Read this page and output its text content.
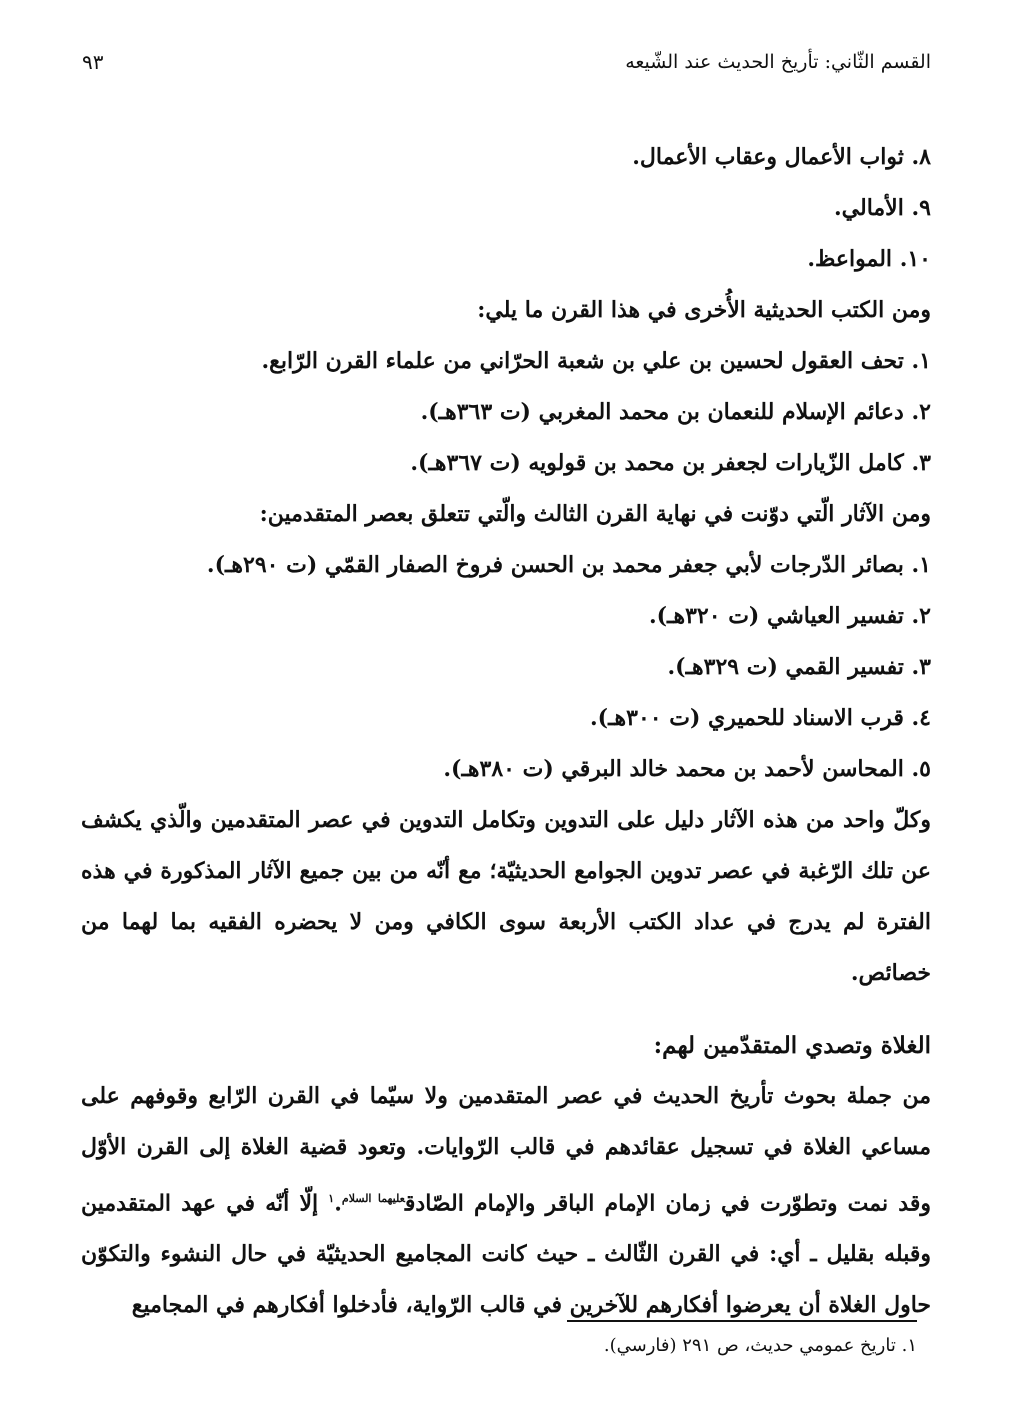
القسم الثّاني: تأريخ الحديث عند الشّيعه
٩٣
٨. ثواب الأعمال وعقاب الأعمال.
٩. الأمالي.
١٠. المواعظ.
ومن الكتب الحديثية الأُخرى في هذا القرن ما يلي:
١. تحف العقول لحسين بن علي بن شعبة الحرّاني من علماء القرن الرّابع.
٢. دعائم الإسلام للنعمان بن محمد المغربي (ت ٣٦٣هـ).
٣. كامل الزّيارات لجعفر بن محمد بن قولويه (ت ٣٦٧هـ).
ومن الآثار الّتي دوّنت في نهاية القرن الثالث والّتي تتعلق بعصر المتقدمين:
١. بصائر الدّرجات لأبي جعفر محمد بن الحسن فروخ الصفار القمّي (ت ٢٩٠هـ).
٢. تفسير العياشي (ت ٣٢٠هـ).
٣. تفسير القمي (ت ٣٢٩هـ).
٤. قرب الاسناد للحميري (ت ٣٠٠هـ).
٥. المحاسن لأحمد بن محمد خالد البرقي (ت ٣٨٠هـ).

وكلّ واحد من هذه الآثار دليل على التدوين وتكامل التدوين في عصر المتقدمين والّذي يكشف عن تلك الرّغبة في عصر تدوين الجوامع الحديثيّة؛ مع أنّه من بين جميع الآثار المذكورة في هذه الفترة لم يدرج في عداد الكتب الأربعة سوى الكافي ومن لا يحضره الفقيه بما لهما من خصائص.

الغلاة وتصدي المتقدّمين لهم:

من جملة بحوث تأريخ الحديث في عصر المتقدمين ولا سيّما في القرن الرّابع وقوفهم على مساعي الغلاة في تسجيل عقائدهم في قالب الرّوايات. وتعود قضية الغلاة إلى القرن الأوّل وقد نمت وتطوّرت في زمان الإمام الباقر والإمام الصّادق$^{عليهما السلام}$.$^١$ إلّا أنّه في عهد المتقدمين وقبله بقليل ـ أي: في القرن الثّالث ـ حيث كانت المجاميع الحديثيّة في حال النشوء والتكوّن حاول الغلاة أن يعرضوا أفكارهم للآخرين في قالب الرّواية، فأدخلوا أفكارهم في المجاميع

١. تاريخ عمومي حديث، ص ٢٩١ (فارسي).
